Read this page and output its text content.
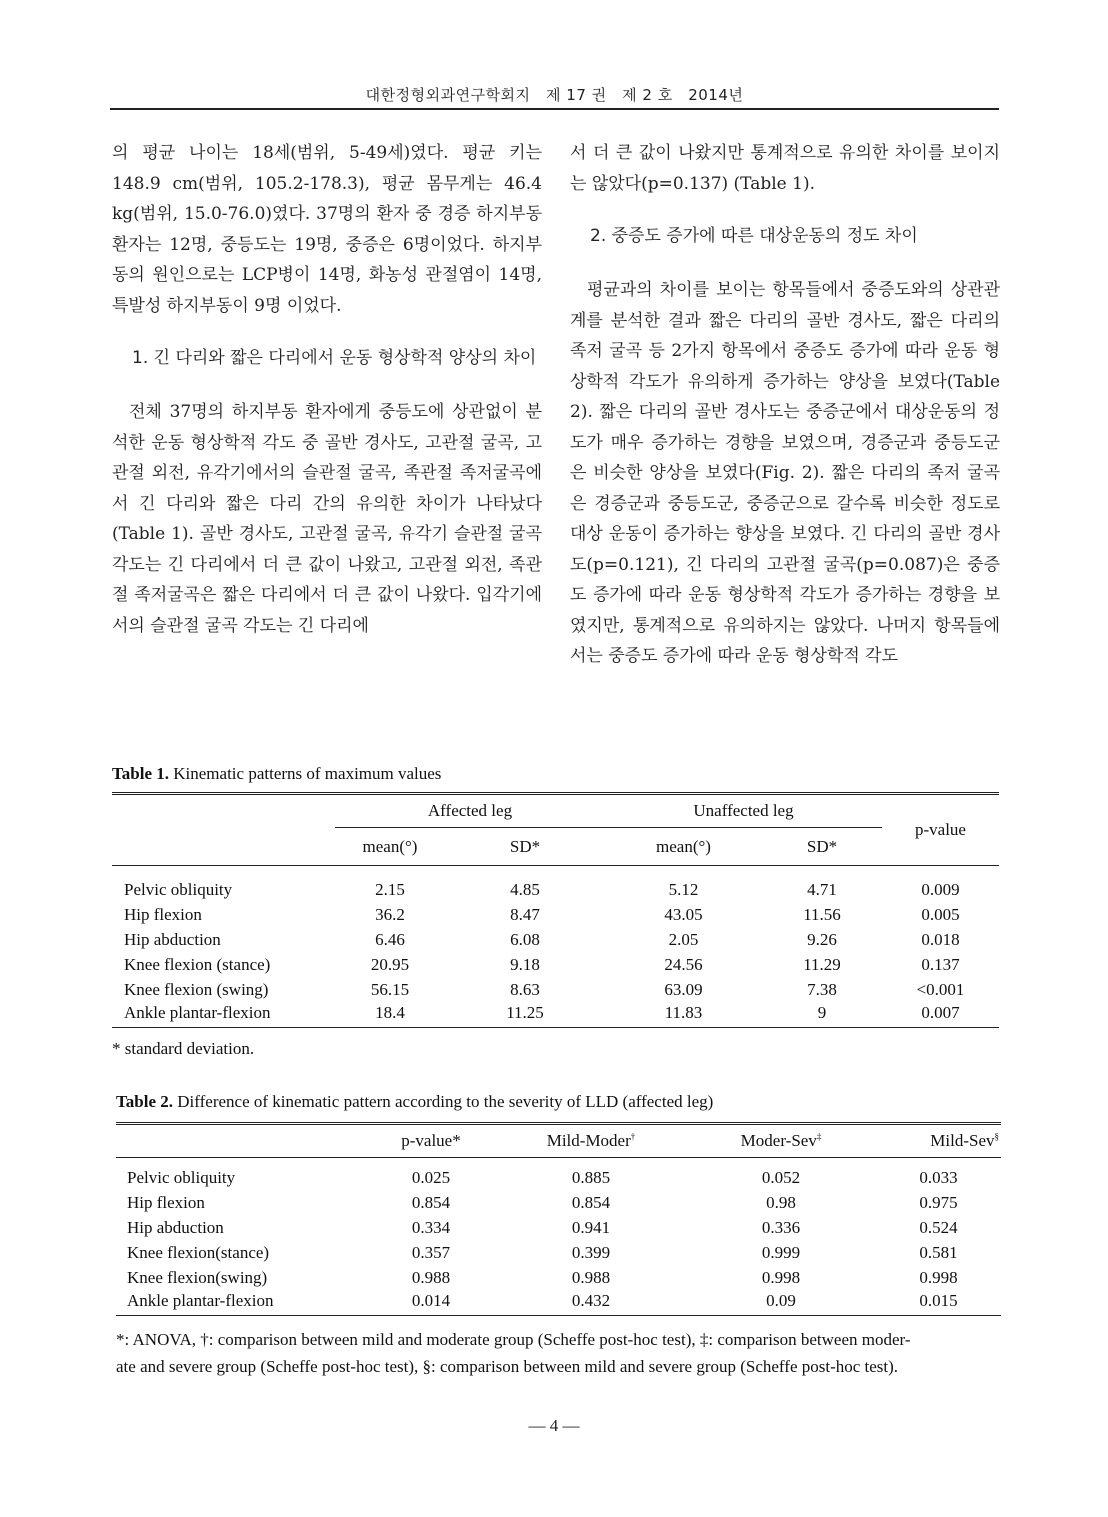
대한정형외과연구학회지　제 17 권　제 2 호　2014년

의 평균 나이는 18세(범위, 5-49세)였다. 평균 키는 148.9 cm(범위, 105.2-178.3), 평균 몸무게는 46.4 kg(범위, 15.0-76.0)였다. 37명의 환자 중 경증 하지부동 환자는 12명, 중등도는 19명, 중증은 6명이었다. 하지부동의 원인으로는 LCP병이 14명, 화농성 관절염이 14명, 특발성 하지부동이 9명 이었다.

1. 긴 다리와 짧은 다리에서 운동 형상학적 양상의 차이

전체 37명의 하지부동 환자에게 중등도에 상관없이 분석한 운동 형상학적 각도 중 골반 경사도, 고관절 굴곡, 고관절 외전, 유각기에서의 슬관절 굴곡, 족관절 족저굴곡에서 긴 다리와 짧은 다리 간의 유의한 차이가 나타났다(Table 1). 골반 경사도, 고관절 굴곡, 유각기 슬관절 굴곡 각도는 긴 다리에서 더 큰 값이 나왔고, 고관절 외전, 족관절 족저굴곡은 짧은 다리에서 더 큰 값이 나왔다. 입각기에서의 슬관절 굴곡 각도는 긴 다리에

서 더 큰 값이 나왔지만 통계적으로 유의한 차이를 보이지는 않았다(p=0.137) (Table 1).

2. 중증도 증가에 따른 대상운동의 정도 차이

평균과의 차이를 보이는 항목들에서 중증도와의 상관관계를 분석한 결과 짧은 다리의 골반 경사도, 짧은 다리의 족저 굴곡 등 2가지 항목에서 중증도 증가에 따라 운동 형상학적 각도가 유의하게 증가하는 양상을 보였다(Table 2). 짧은 다리의 골반 경사도는 중증군에서 대상운동의 정도가 매우 증가하는 경향을 보였으며, 경증군과 중등도군은 비슷한 양상을 보였다(Fig. 2). 짧은 다리의 족저 굴곡은 경증군과 중등도군, 중증군으로 갈수록 비슷한 정도로 대상 운동이 증가하는 향상을 보였다. 긴 다리의 골반 경사도(p=0.121), 긴 다리의 고관절 굴곡(p=0.087)은 중증도 증가에 따라 운동 형상학적 각도가 증가하는 경향을 보였지만, 통계적으로 유의하지는 않았다. 나머지 항목들에서는 중증도 증가에 따라 운동 형상학적 각도

Table 1. Kinematic patterns of maximum values
	Affected leg		Unaffected leg		p-value
	mean(°)	SD*	mean(°)	SD*	

Pelvic obliquity	2.15	4.85	5.12	4.71	0.009
Hip flexion	36.2	8.47	43.05	11.56	0.005
Hip abduction	6.46	6.08	2.05	9.26	0.018
Knee flexion (stance)	20.95	9.18	24.56	11.29	0.137
Knee flexion (swing)	56.15	8.63	63.09	7.38	<0.001
Ankle plantar-flexion	18.4	11.25	11.83	9	0.007
* standard deviation.
Table 2. Difference of kinematic pattern according to the severity of LLD (affected leg)
	p-value*	Mild-Moder†	Moder-Sev‡	Mild-Sev§

Pelvic obliquity	0.025	0.885	0.052	0.033
Hip flexion	0.854	0.854	0.98	0.975
Hip abduction	0.334	0.941	0.336	0.524
Knee flexion(stance)	0.357	0.399	0.999	0.581
Knee flexion(swing)	0.988	0.988	0.998	0.998
Ankle plantar-flexion	0.014	0.432	0.09	0.015
*: ANOVA, †: comparison between mild and moderate group (Scheffe post-hoc test), ‡: comparison between moder-
ate and severe group (Scheffe post-hoc test), §: comparison between mild and severe group (Scheffe post-hoc test).
— 4 —
